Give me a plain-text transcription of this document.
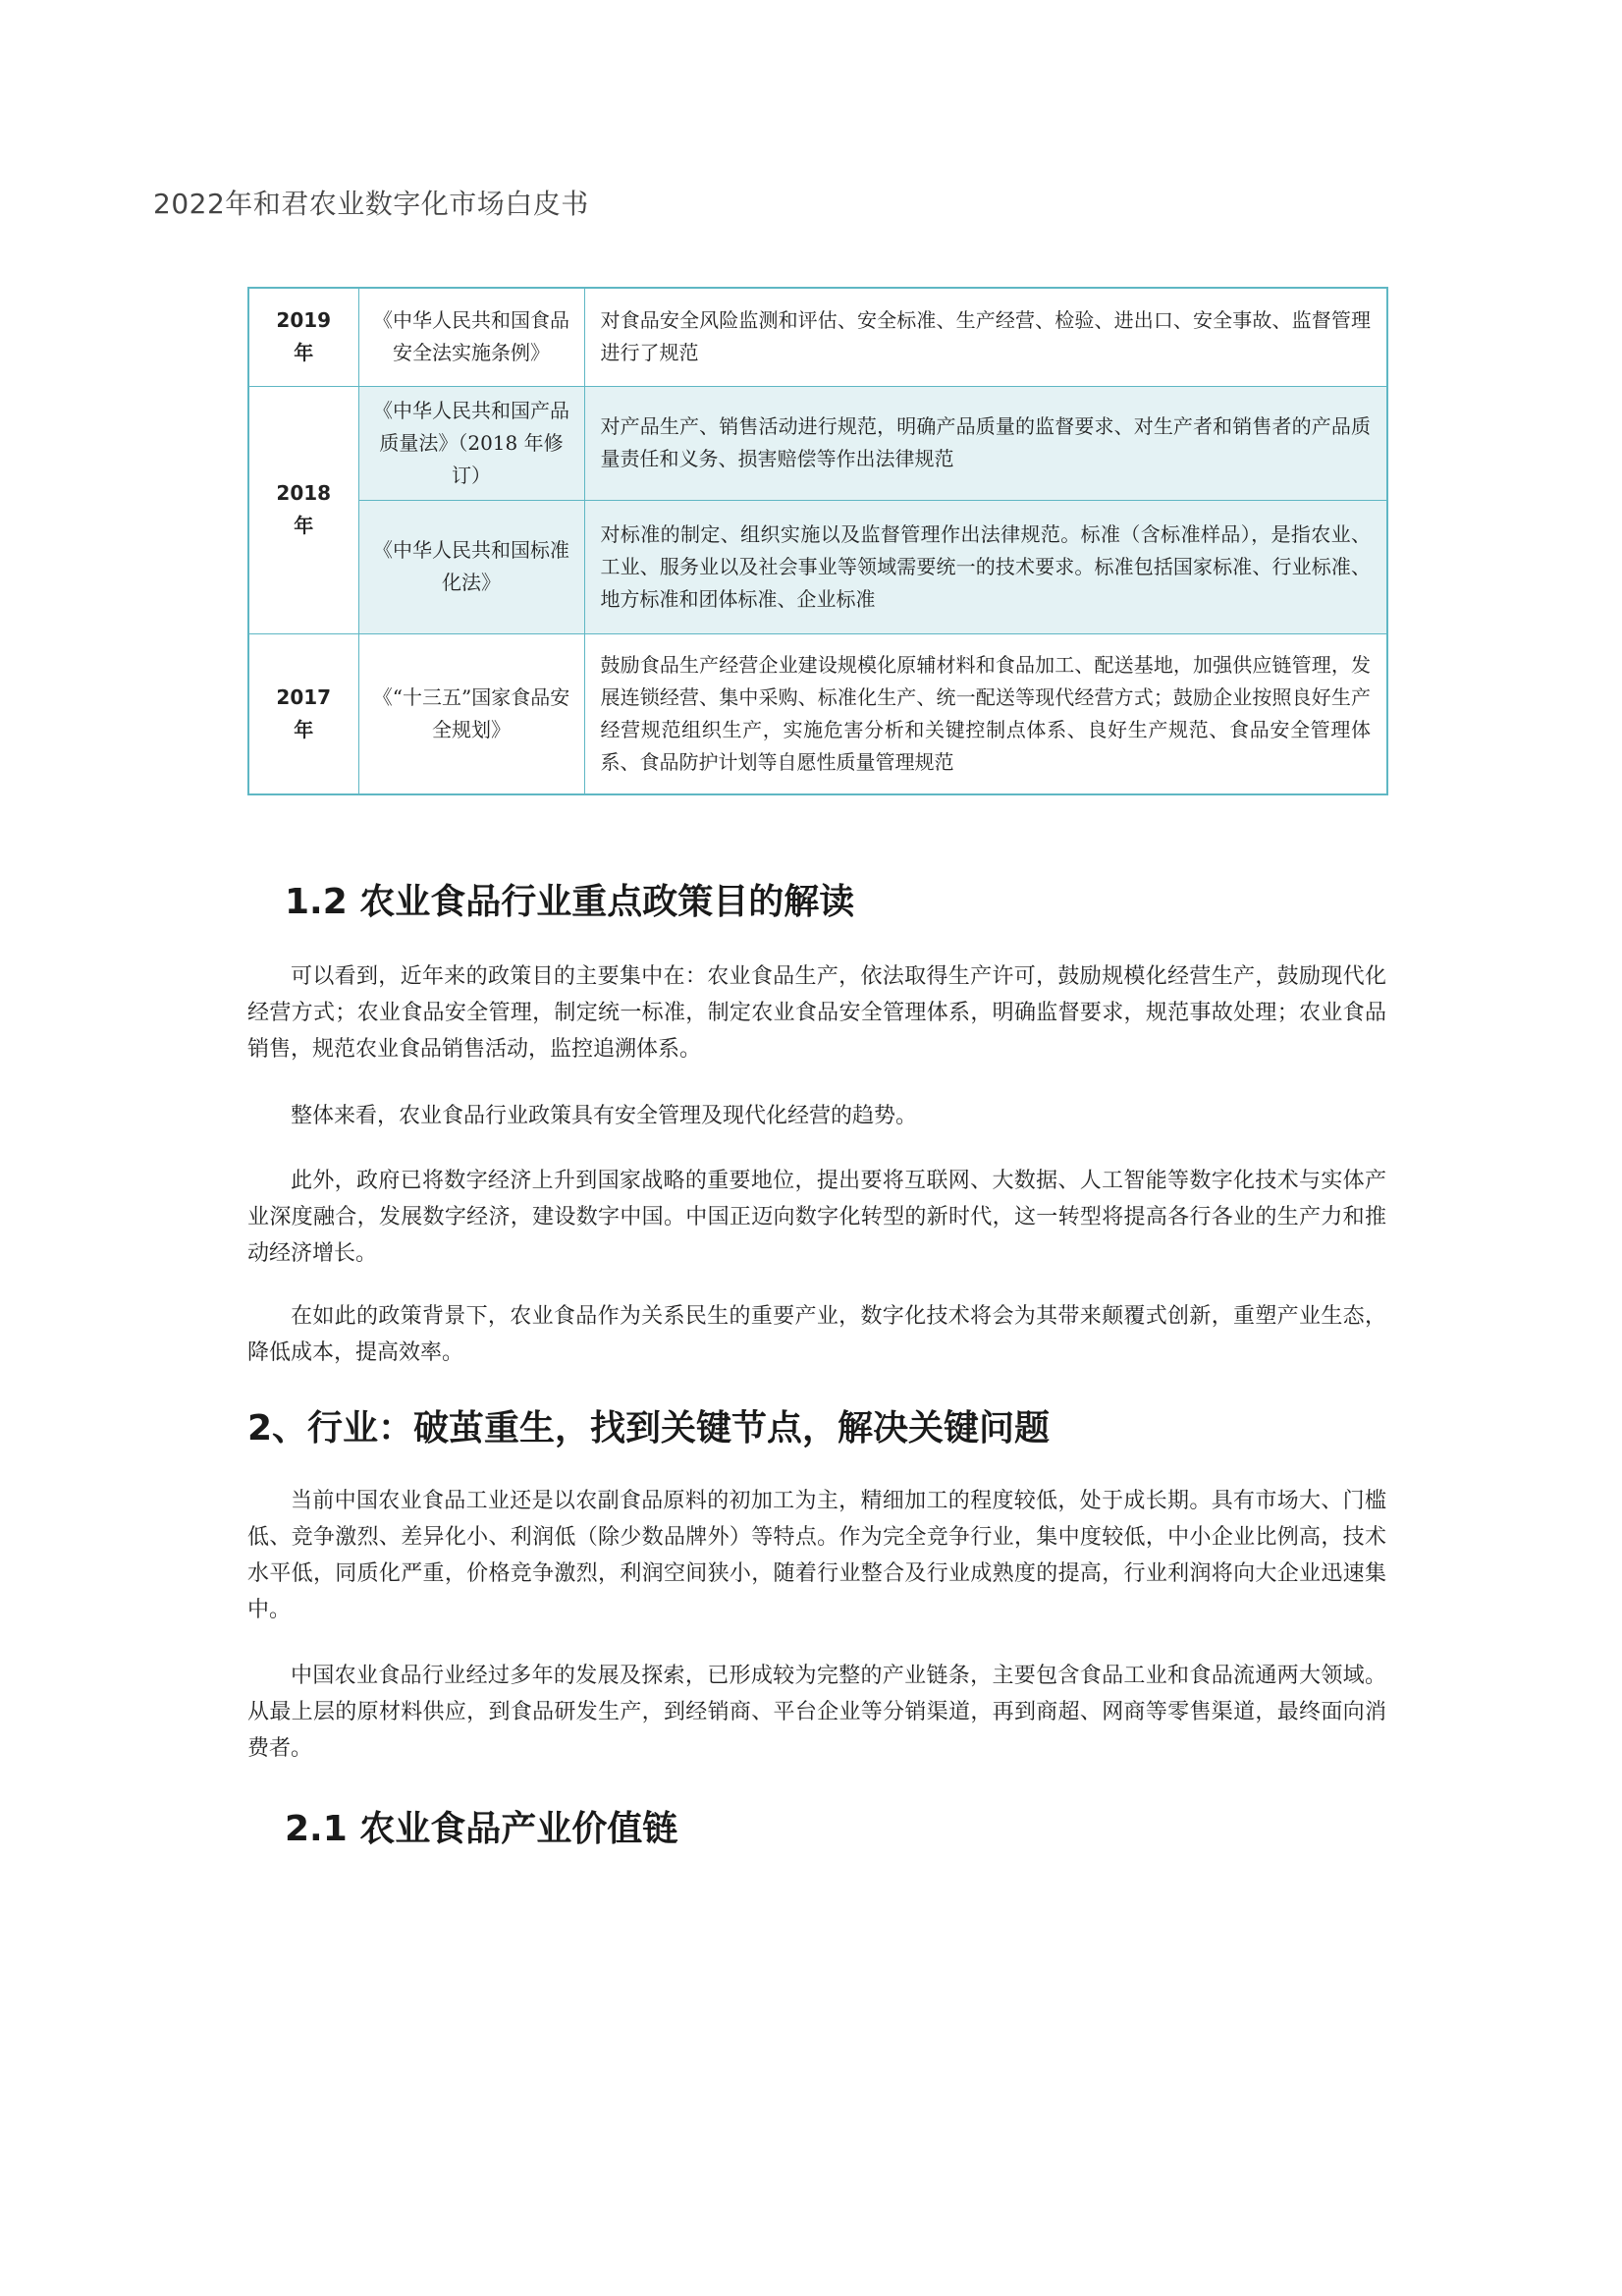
2022年和君农业数字化市场白皮书
2019 年	《中华人民共和国食品安全法实施条例》	对食品安全风险监测和评估、安全标准、生产经营、检验、进出口、安全事故、监督管理进行了规范
2018 年	《中华人民共和国产品质量法》（2018 年修订）	对产品生产、销售活动进行规范，明确产品质量的监督要求、对生产者和销售者的产品质量责任和义务、损害赔偿等作出法律规范
	《中华人民共和国标准化法》	对标准的制定、组织实施以及监督管理作出法律规范。标准（含标准样品），是指农业、工业、服务业以及社会事业等领域需要统一的技术要求。标准包括国家标准、行业标准、地方标准和团体标准、企业标准
2017 年	《“十三五”国家食品安全规划》	鼓励食品生产经营企业建设规模化原辅材料和食品加工、配送基地，加强供应链管理，发展连锁经营、集中采购、标准化生产、统一配送等现代经营方式；鼓励企业按照良好生产经营规范组织生产，实施危害分析和关键控制点体系、良好生产规范、食品安全管理体系、食品防护计划等自愿性质量管理规范
1.2 农业食品行业重点政策目的解读

可以看到，近年来的政策目的主要集中在：农业食品生产，依法取得生产许可，鼓励规模化经营生产，鼓励现代化经营方式；农业食品安全管理，制定统一标准，制定农业食品安全管理体系，明确监督要求，规范事故处理；农业食品销售，规范农业食品销售活动，监控追溯体系。

整体来看，农业食品行业政策具有安全管理及现代化经营的趋势。

此外，政府已将数字经济上升到国家战略的重要地位，提出要将互联网、大数据、人工智能等数字化技术与实体产业深度融合，发展数字经济，建设数字中国。中国正迈向数字化转型的新时代，这一转型将提高各行各业的生产力和推动经济增长。

在如此的政策背景下，农业食品作为关系民生的重要产业，数字化技术将会为其带来颠覆式创新，重塑产业生态，降低成本，提高效率。

2、行业：破茧重生，找到关键节点，解决关键问题

当前中国农业食品工业还是以农副食品原料的初加工为主，精细加工的程度较低，处于成长期。具有市场大、门槛低、竞争激烈、差异化小、利润低（除少数品牌外）等特点。作为完全竞争行业，集中度较低，中小企业比例高，技术水平低，同质化严重，价格竞争激烈，利润空间狭小，随着行业整合及行业成熟度的提高，行业利润将向大企业迅速集中。

中国农业食品行业经过多年的发展及探索，已形成较为完整的产业链条，主要包含食品工业和食品流通两大领域。从最上层的原材料供应，到食品研发生产，到经销商、平台企业等分销渠道，再到商超、网商等零售渠道，最终面向消费者。

2.1 农业食品产业价值链
